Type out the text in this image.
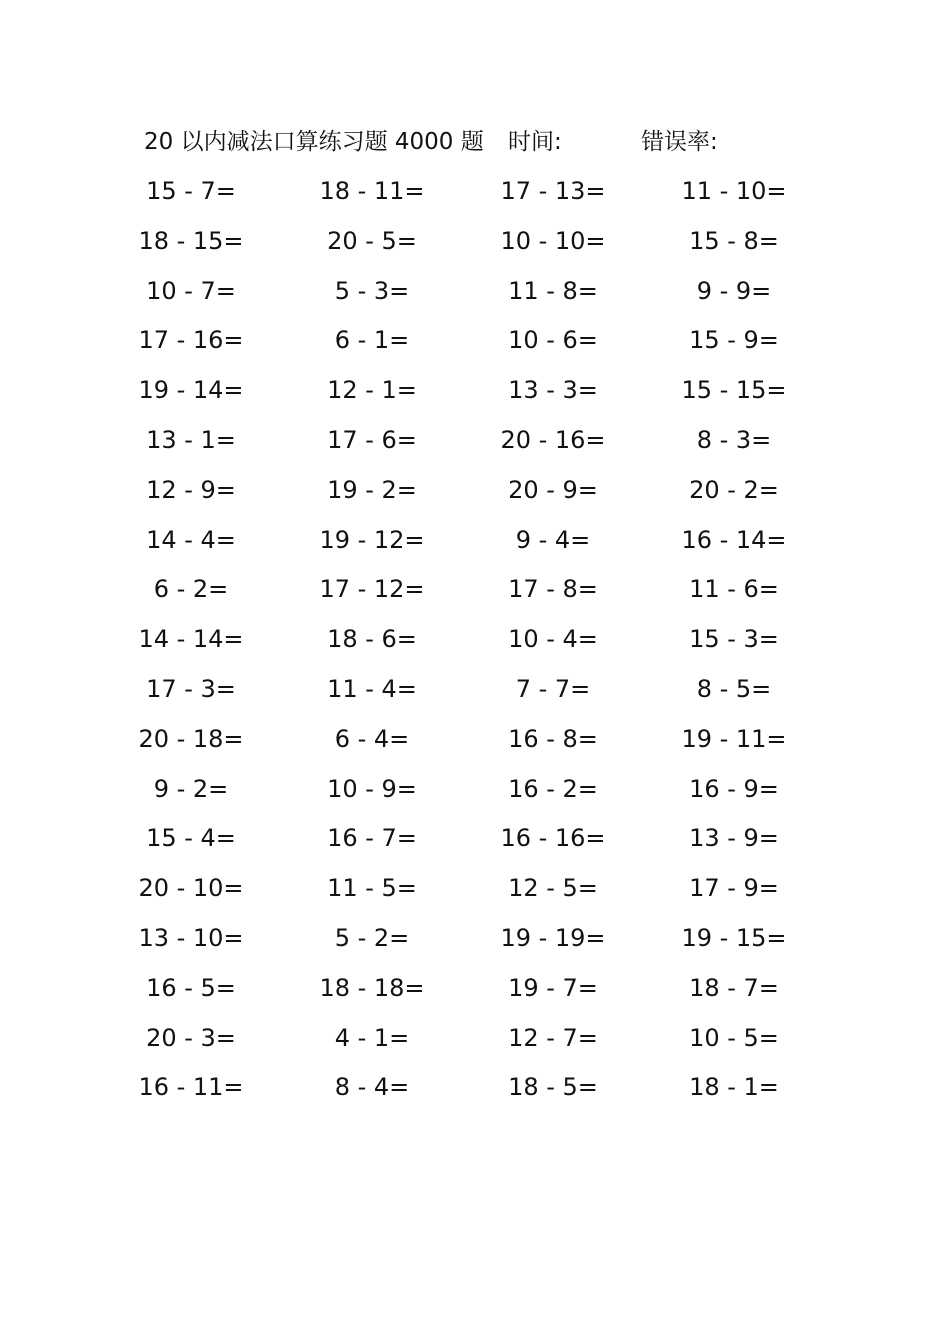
20 以内减法口算练习题 4000 题 时间:	错误率:
15 - 7=	18 - 11=	17 - 13=	11 - 10=
18 - 15=	20 - 5=	10 - 10=	15 - 8=
10 - 7=	5 - 3=	11 - 8=	9 - 9=
17 - 16=	6 - 1=	10 - 6=	15 - 9=
19 - 14=	12 - 1=	13 - 3=	15 - 15=
13 - 1=	17 - 6=	20 - 16=	8 - 3=
12 - 9=	19 - 2=	20 - 9=	20 - 2=
14 - 4=	19 - 12=	9 - 4=	16 - 14=
6 - 2=	17 - 12=	17 - 8=	11 - 6=
14 - 14=	18 - 6=	10 - 4=	15 - 3=
17 - 3=	11 - 4=	7 - 7=	8 - 5=
20 - 18=	6 - 4=	16 - 8=	19 - 11=
9 - 2=	10 - 9=	16 - 2=	16 - 9=
15 - 4=	16 - 7=	16 - 16=	13 - 9=
20 - 10=	11 - 5=	12 - 5=	17 - 9=
13 - 10=	5 - 2=	19 - 19=	19 - 15=
16 - 5=	18 - 18=	19 - 7=	18 - 7=
20 - 3=	4 - 1=	12 - 7=	10 - 5=
16 - 11=	8 - 4=	18 - 5=	18 - 1=
